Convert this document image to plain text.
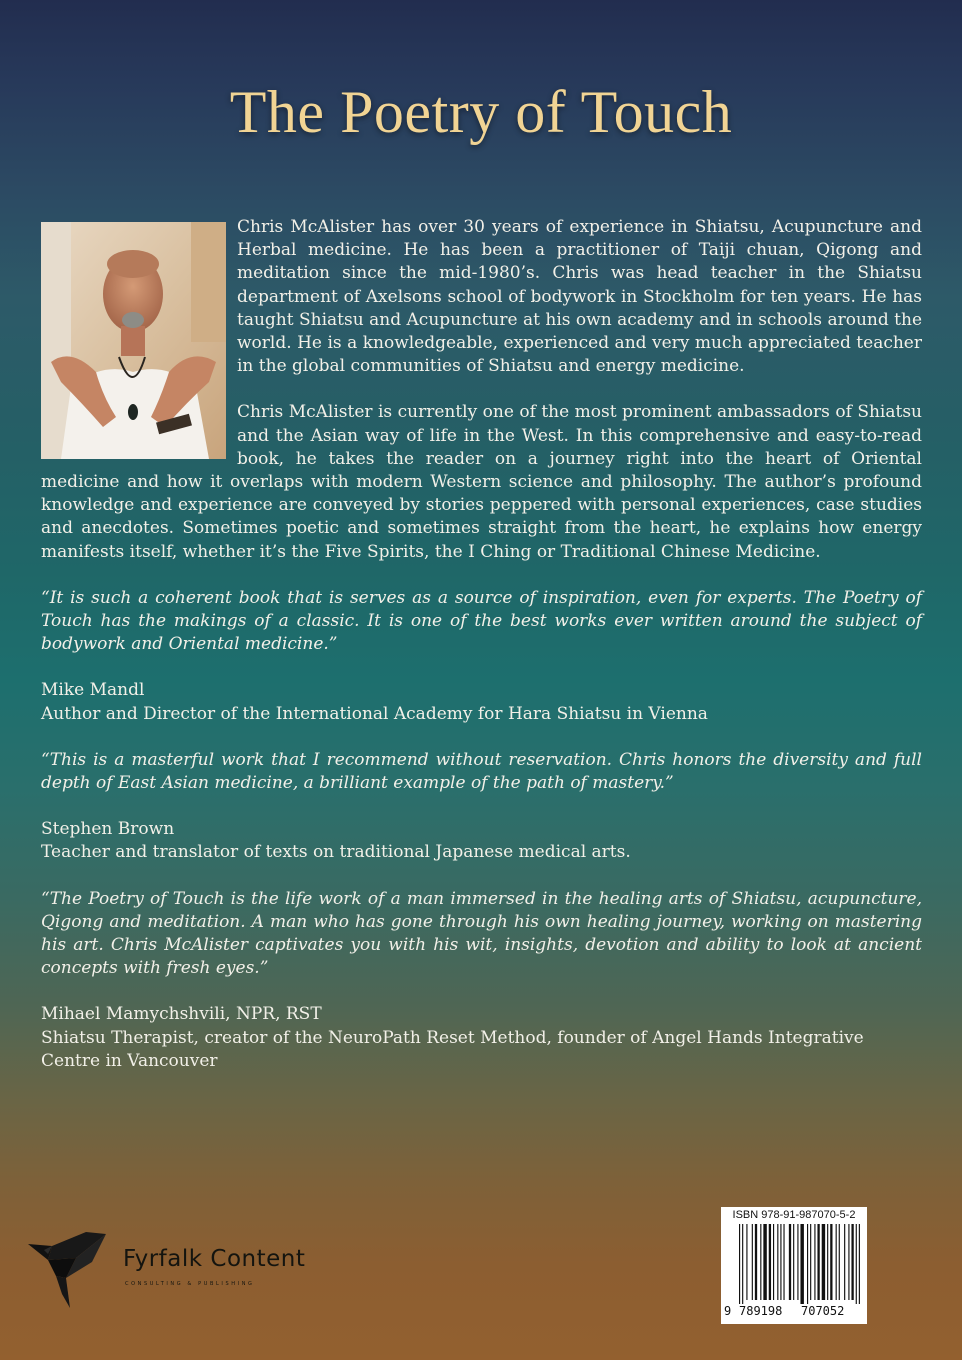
The Poetry of Touch

Chris McAlister has over 30 years of experience in Shiatsu, Acupuncture and Herbal medicine. He has been a practitioner of Taiji chuan, Qigong and meditation since the mid-1980’s. Chris was head teacher in the Shiatsu department of Axelsons school of bodywork in Stockholm for ten years. He has taught Shiatsu and Acupuncture at his own academy and in schools around the world. He is a knowledgeable, experienced and very much appreciated teacher in the global communities of Shiatsu and energy medicine.

Chris McAlister is currently one of the most prominent ambassadors of Shiatsu and the Asian way of life in the West. In this comprehensive and easy-to-read book, he takes the reader on a journey right into the heart of Oriental medicine and how it overlaps with modern Western science and philosophy. The author’s profound knowledge and experience are conveyed by stories peppered with personal experiences, case studies and anecdotes. Sometimes poetic and sometimes straight from the heart, he explains how energy manifests itself, whether it’s the Five Spirits, the I Ching or Traditional Chinese Medicine.

“It is such a coherent book that is serves as a source of inspiration, even for experts. The Poetry of Touch has the makings of a classic. It is one of the best works ever written around the subject of bodywork and Oriental medicine.”

Mike Mandl
Author and Director of the International Academy for Hara Shiatsu in Vienna

“This is a masterful work that I recommend without reservation. Chris honors the diversity and full depth of East Asian medicine, a brilliant example of the path of mastery.”

Stephen Brown
Teacher and translator of texts on traditional Japanese medical arts.

“The Poetry of Touch is the life work of a man immersed in the healing arts of Shiatsu, acupuncture, Qigong and meditation. A man who has gone through his own healing journey, working on mastering his art. Chris McAlister captivates you with his wit, insights, devotion and ability to look at ancient concepts with fresh eyes.”

Mihael Mamychshvili, NPR, RST
Shiatsu Therapist, creator of the NeuroPath Reset Method, founder of Angel Hands Integrative Centre in Vancouver
Fyrfalk Content
CONSULTING & PUBLISHING
ISBN 978-91-987070-5-2
9 789198 707052
